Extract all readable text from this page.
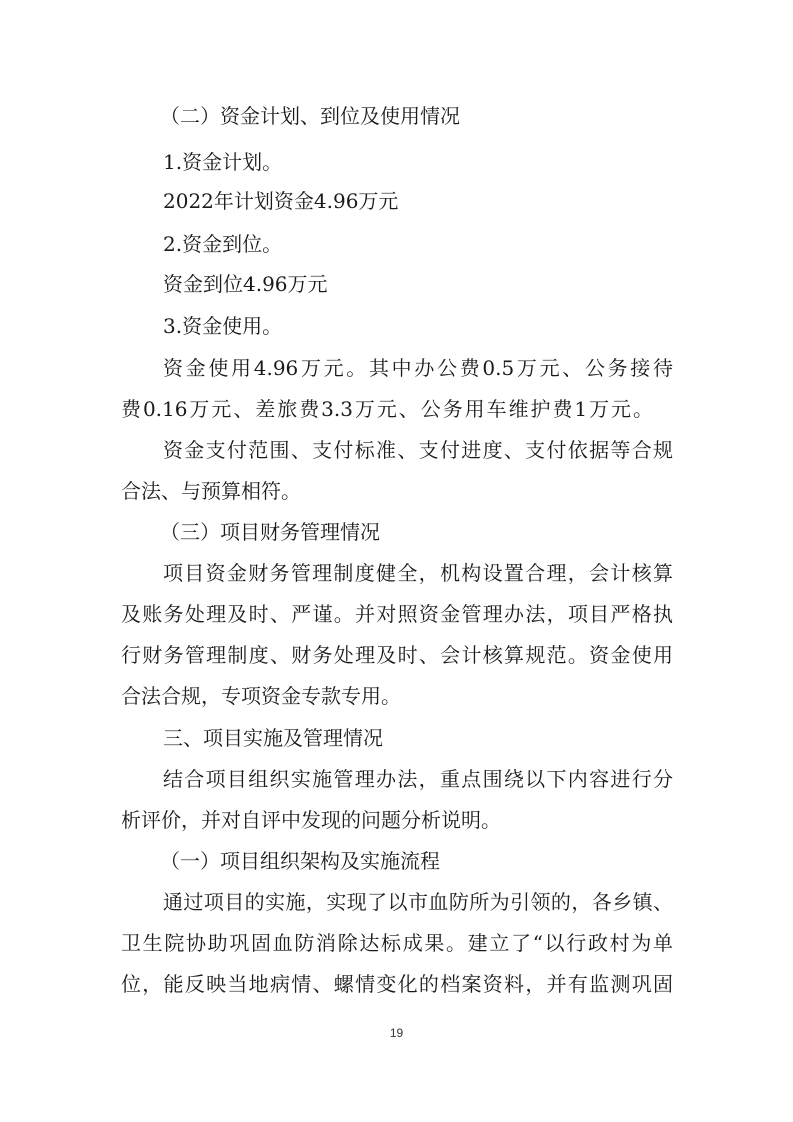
（二）资金计划、到位及使用情况
1.资金计划。
2022年计划资金4.96万元
2.资金到位。
资金到位4.96万元
3.资金使用。
资金使用4.96万元。其中办公费0.5万元、公务接待
费0.16万元、差旅费3.3万元、公务用车维护费1万元。
资金支付范围、支付标准、支付进度、支付依据等合规
合法、与预算相符。
（三）项目财务管理情况
项目资金财务管理制度健全，机构设置合理，会计核算
及账务处理及时、严谨。并对照资金管理办法，项目严格执
行财务管理制度、财务处理及时、会计核算规范。资金使用
合法合规，专项资金专款专用。
三、项目实施及管理情况
结合项目组织实施管理办法，重点围绕以下内容进行分
析评价，并对自评中发现的问题分析说明。
（一）项目组织架构及实施流程
通过项目的实施，实现了以市血防所为引领的，各乡镇、
卫生院协助巩固血防消除达标成果。建立了“以行政村为单
位，能反映当地病情、螺情变化的档案资料，并有监测巩固
19
